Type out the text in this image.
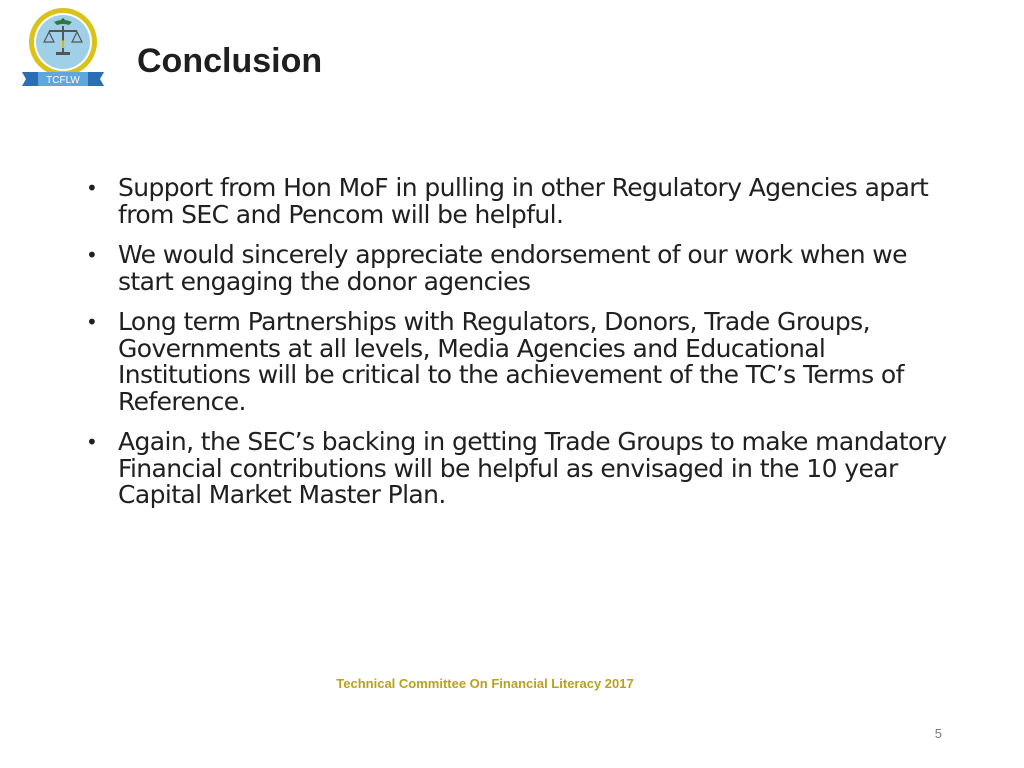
I
TCFLW
Conclusion
• Support from Hon MoF in pulling in other Regulatory Agencies apart from SEC and Pencom will be helpful.
• We would sincerely appreciate endorsement of our work when we start engaging the donor agencies
• Long term Partnerships with Regulators, Donors, Trade Groups, Governments at all levels, Media Agencies and Educational Institutions will be critical to the achievement of the TC’s Terms of Reference.
• Again, the SEC’s backing in getting Trade Groups to make mandatory Financial contributions will be helpful as envisaged in the 10 year Capital Market Master Plan.
Technical Committee On Financial Literacy 2017
5
